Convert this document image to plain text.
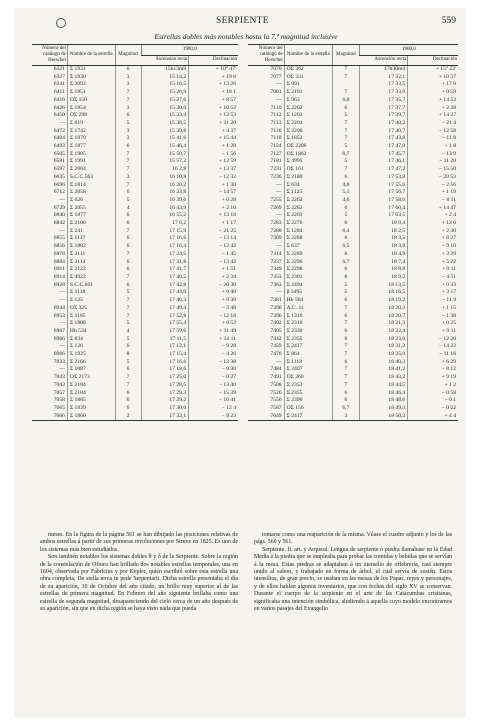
SERPIENTE	559
Estrellas dobles más notables hasta la 7.ª magnitud inclusive
Número del catálogo de Herschel	Nombre de la estrella	Magnitud	1900,0	
			Ascensión recta	Declinación
6321	Σ 1931	6	15h13m9	+ 10° 47'
6327	Σ 1930	3	15 14,2	+ 19 8
6341	Σ 3092	3	15 16,5	+ 13 26
6411	Σ 1951	7	15 26,9	+ 18 1
6416	OΣ 150	7	15 27,6	+ 8 57
6426	Σ 1954	3	15 30,0	+ 10 52
6450	OΣ 298	6	15 33,4	+ 12 53
—	Σ 619	5	15 38,5	+ 11 20
6472	Σ 1742	3	15 39,8	+ 4 37
6484	Σ 1970	3	15 41,6	+ 15 44
6493	Σ 1877	6	15 46,4	+ 1 28
6505	Σ 1985	7	15 50,7	− 1 56
6581	Σ 1991	7	15 57,2	+ 12 59
6597	Σ 2004	7	16 2,8	+ 13 37
6635	S.C.C.563	3	16 10,8	− 12 32
6696	Σ 1814	7	16 20,2	+ 1 30
6712	Σ 2058	6	16 23,8	− 14 57
—	Σ 626	5	16 39,6	+ 0 28
6729	Σ 2055	4	16 43,9	+ 2 10
6840	Σ 1877	6	16 55,2	+ 13 18
6842	Σ 2106	6	17 6,2	+ 1 17
—	Σ 241	7	17 15,9	− 21 25
6855	Σ 1117	6	17 16,6	− 13 14
6856	Σ 1882	6	17 16,4	− 12 42
6878	Σ 2111	7	17 24,5	− 1 45
6884	Σ 2114	6	17 31,8	− 13 42
6911	Σ 2122	6	17 41,7	+ 1 51
6914	Σ 4922	7	17 40,5	+ 2 34
6928	S.C.C.601	6	17 42,8	− 20 30
—	Σ 1118	5	17 44,0	+ 0 40
—	Σ 125	7	17 46,3	+ 0 30
6944	OΣ 325	7	17 49,4	− 3 48
6953	Σ 1185	7	17 52,8	− 12 18
—	Σ 1808	5	17 55,4	+ 0 52
6967	Hh 534	4	17 59,6	+ 11 49
6966	Σ 834	5	17 11,5	+ 14 11
—	Σ 126	6	17 12,1	− 9 28
6966	Σ 1925	8	17 15,4	− 4 26
7033	Σ 2166	5	17 16,6	− 13 38
—	Σ 1087	6	17 18,6	− 0 30
7043	OΣ 2173	7	17 25,0	− 0 27
7043	Σ 2184	7	17 28,5	− 13 40
7057	Σ 2184	6	17 29,3	− 15 39
7058	Σ 1885	6	17 29,2	− 10 41
7065	Σ 1939	6	17 30,0	− 12 4
7066	Σ 1960	2	17 32,1	− 8 23
Número del catálogo de Herschel	Nombre de la estrella	Magnitud	1900,0	
			Ascensión recta	Declinación
7070	OΣ 362	7	17h30m4	+ 15° 22'
7077	OΣ 331	7	17 32,1	+ 10 37
—	Σ 991		17 33,5	+ 17 0
7081	Σ 2191	7	17 33,6	+ 0 59
—	Σ 963	6,8	17 35,7	+ 14 53
7110	Σ 2202	6	17 37,7	+ 2 28
7112	Σ 1203	5	17 39,7	+ 14 27
7113	Σ 2204	7	17 40,2	− 21 4
7116	Σ 2206	7	17 40,7	− 12 58
7118	Σ 1852	7	17 43,8	− 11 8
7124	OΣ 2206	5	17 47,0	+ 1 8
7127	OΣ 1862	6,7	17 45,7	− 13 9
7181	Σ 4995	5	17 46,1	− 11 20
7231	OΣ 161	7	17 47,2	− 15 50
7236	Σ 2180	6	17 53,8	− 20 53
—	Σ 634	4,0	17 55,6	− 2 56
—	Σ 1125	5,1	17 56,7	+ 1 19
7255	Σ 2262	4,6	17 58,6	− 8 11
7269	Σ 2282	6	17 60,4	+ 14 47
—	Σ 2263	5	17 63,5	+ 2 4
7283	Σ 2276	6	18 0,4	+ 12 0
7288	Σ 1284	6,4	18 2,5	+ 2 30
7309	Σ 2288	6	18 3,5	+ 8 27
—	Σ 637	6,5	18 3,8	− 9 10
7314	Σ 2289	6	18 4,9	+ 3 29
7337	Σ 2296	6,7	18 7,4	+ 5 22
7349	Σ 2298	6	18 8,8	+ 0 11
7353	Σ 2301	8	18 9,2	− 4 51
7363	Σ 2494	5	18 13,5	+ 0 33
—	β 5495	5	18 16,5	+ 3 17
7381	Hh 564	6	18 19,2	− 11 9
7396	A.C. 11	7	18 20,3	+ 1 15
7396	Σ 1316	6	18 20,7	− 1 38
7402	Σ 2310	7	18 21,3	+ 0 25
7405	Σ 2330	6	18 22,4	+ 9 11
7442	Σ 2355	6	18 23,6	− 12 20
7459	Σ 2417	7	18 31,2	− 14 22
7476	Σ 864	7	18 35,0	− 11 16
—	Σ 1118	6	18 40,3	+ 6 29
7484	Σ 2407	7	18 41,2	− 8 12
7491	OΣ 360	7	18 43,2	+ 9 19
7508	Σ 2353	7	18 44,5	+ 1 2
7526	Σ 2355	6	18 46,4	− 0 58
7556	Σ 2390	6	18 48,6	− 0 1
7587	OΣ 156	6,7	18 49,3	− 0 22
7649	Σ 2417	3	18 50,2	+ 4 4

meses. En la figura de la página 561 se han dibujado las posiciones relativas de ambos estrellas á partir de sus primeras revoluciones por Struve en 1825. Es uno de los sistemas más bien estudiados.

Son también notables los sistemas dobles θ y δ de la Serpiente. Sobre la región de la constelación de Ofiuco han brillado dos notables estrellas temporales, una en 1604, observada por Fabricius y por Kepler, quien escribió sobre esta estrella una obra completa, De stella nova in pede Serpentarii. Dicha estrella presentaba el día de su aparición, 10 de Octubre del año citado, un brillo muy superior al de las estrellas de primera magnitud. En Febrero del año siguiente brillaba como una estrella de segunda magnitud, desapareciendo del cielo cerca de un año después de su aparición, sin que en dicha región se haya visto nada que pueda

tomarse como una reaparición de la misma. Véase el cuadro adjunto y los de las págs. 560 y 561.

Serpiente. fi. art. y Arqueol. Lengua de serpiente ó piedra llamábase en la Edad Media á la piedra que se empleaba para probar las comidas y bebidas que se servían á la mesa. Estas piedras se adaptaban á un utensilio de orfebrería, casi siempre unido al salero, y trabajado en forma de árbol, el cual servía de sostén. Estos utensilios, de gran precio, se usaban en las mesas de los Papas, reyes y personajes, y de ellos hablan algunos inventarios, que con fechas del siglo XV se conservan. Durante el cuerpo de la serpiente en el arte de las Catacumbas cristianas, significaba una intención simbólica, aludiendo á aquella cuyo modelo encontramos en varios pasajes del Evangelio
